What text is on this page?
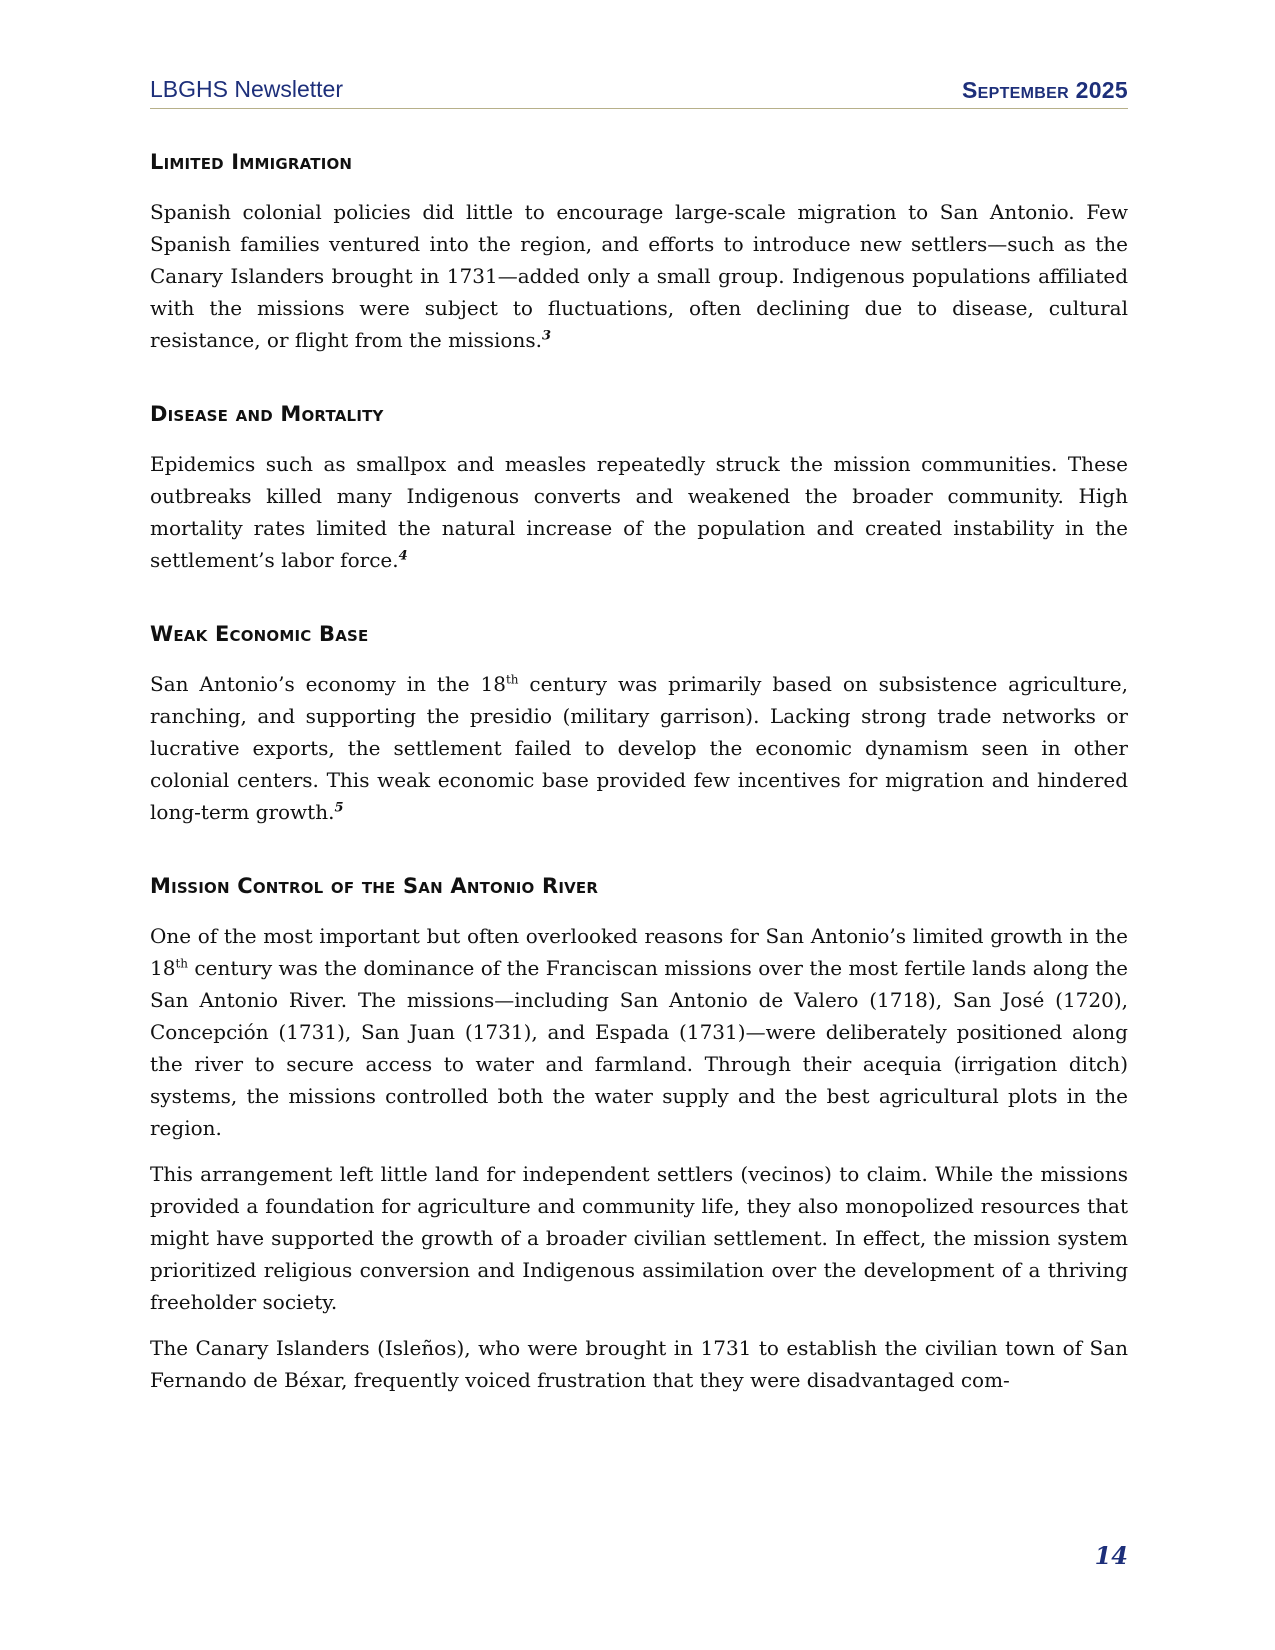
LBGHS Newsletter	September 2025
Limited Immigration

Spanish colonial policies did little to encourage large-scale migration to San Antonio. Few Spanish families ventured into the region, and efforts to introduce new settlers—such as the Canary Islanders brought in 1731—added only a small group. Indigenous populations affiliated with the missions were subject to fluctuations, often declining due to disease, cultural resistance, or flight from the missions.$^3$

Disease and Mortality

Epidemics such as smallpox and measles repeatedly struck the mission communities. These outbreaks killed many Indigenous converts and weakened the broader community. High mortality rates limited the natural increase of the population and created instability in the settlement’s labor force.$^4$

Weak Economic Base

San Antonio’s economy in the 18th century was primarily based on subsistence agriculture, ranching, and supporting the presidio (military garrison). Lacking strong trade networks or lucrative exports, the settlement failed to develop the economic dynamism seen in other colonial centers. This weak economic base provided few incentives for migration and hindered long-term growth.$^5$

Mission Control of the San Antonio River

One of the most important but often overlooked reasons for San Antonio’s limited growth in the 18th century was the dominance of the Franciscan missions over the most fertile lands along the San Antonio River. The missions—including San Antonio de Valero (1718), San José (1720), Concepción (1731), San Juan (1731), and Espada (1731)—were deliberately positioned along the river to secure access to water and farmland. Through their acequia (irrigation ditch) systems, the missions controlled both the water supply and the best agricultural plots in the region.

This arrangement left little land for independent settlers (vecinos) to claim. While the missions provided a foundation for agriculture and community life, they also monopolized resources that might have supported the growth of a broader civilian settlement. In effect, the mission system prioritized religious conversion and Indigenous assimilation over the development of a thriving freeholder society.

The Canary Islanders (Isleños), who were brought in 1731 to establish the civilian town of San Fernando de Béxar, frequently voiced frustration that they were disadvantaged com-

14
